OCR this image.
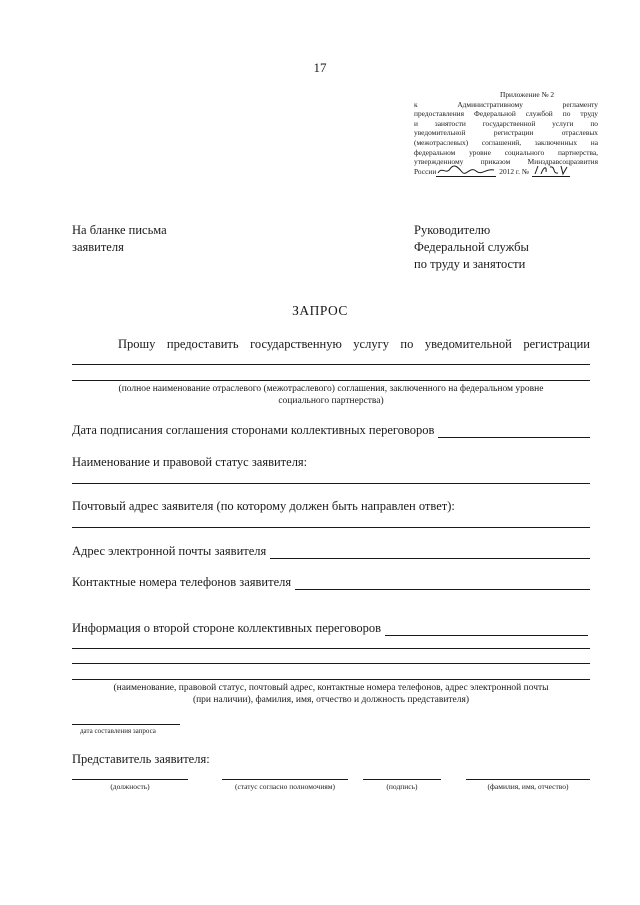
17
Приложение № 2
к Административному регламенту
предоставления Федеральной службой по труду
и занятости государственной услуги по
уведомительной регистрации отраслевых
(межотраслевых) соглашений, заключенных на
федеральном уровне социального партнерства,
утвержденному приказом Минздравсоцразвития
России	2012 г. №
На бланке письма
заявителя
Руководителю
Федеральной службы
по труду и занятости
ЗАПРОС
Прошу предоставить государственную услугу по уведомительной регистрации
(полное наименование отраслевого (межотраслевого) соглашения, заключенного на федеральном уровне
социального партнерства)
Дата подписания соглашения сторонами коллективных переговоров
Наименование и правовой статус заявителя:
Почтовый адрес заявителя (по которому должен быть направлен ответ):
Адрес электронной почты заявителя
Контактные номера телефонов заявителя
Информация о второй стороне коллективных переговоров
(наименование, правовой статус, почтовый адрес, контактные номера телефонов, адрес электронной почты
(при наличии), фамилия, имя, отчество и должность представителя)
дата составления запроса
Представитель заявителя:
(должность)	(статус согласно полномочиям)	(подпись)	(фамилия, имя, отчество)
